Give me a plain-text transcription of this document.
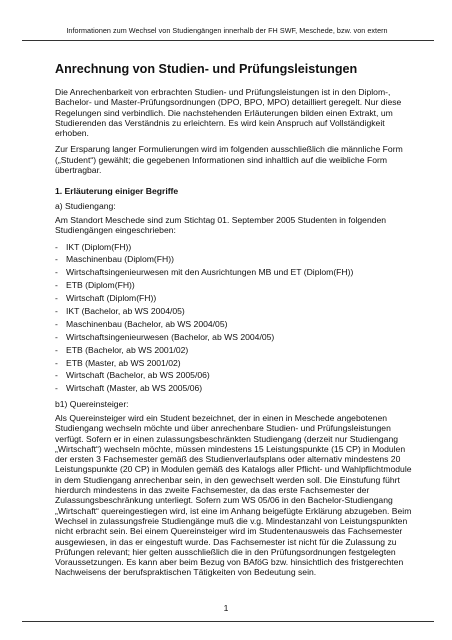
Informationen zum Wechsel von Studiengängen innerhalb der FH SWF, Meschede, bzw. von extern
Anrechnung von Studien- und Prüfungsleistungen

Die Anrechenbarkeit von erbrachten Studien- und Prüfungsleistungen ist in den Diplom-, Bachelor- und Master-Prüfungsordnungen (DPO, BPO, MPO) detailliert geregelt. Nur diese Regelungen sind verbindlich. Die nachstehenden Erläuterungen bilden einen Extrakt, um Studierenden das Verständnis zu erleichtern. Es wird kein Anspruch auf Vollständigkeit erhoben.

Zur Ersparung langer Formulierungen wird im folgenden ausschließlich die männliche Form („Student“) gewählt; die gegebenen Informationen sind inhaltlich auf die weibliche Form übertragbar.

1. Erläuterung einiger Begriffe
a) Studiengang:

Am Standort Meschede sind zum Stichtag 01. September 2005 Studenten in folgenden Studiengängen eingeschrieben:

- IKT (Diplom(FH))
- Maschinenbau (Diplom(FH))
- Wirtschaftsingenieurwesen mit den Ausrichtungen MB und ET (Diplom(FH))
- ETB (Diplom(FH))
- Wirtschaft (Diplom(FH))
- IKT (Bachelor, ab WS 2004/05)
- Maschinenbau (Bachelor, ab WS 2004/05)
- Wirtschaftsingenieurwesen (Bachelor, ab WS 2004/05)
- ETB (Bachelor, ab WS 2001/02)
- ETB (Master, ab WS 2001/02)
- Wirtschaft (Bachelor, ab WS 2005/06)
- Wirtschaft (Master, ab WS 2005/06)
b1) Quereinsteiger:

Als Quereinsteiger wird ein Student bezeichnet, der in einen in Meschede angebotenen Studiengang wechseln möchte und über anrechenbare Studien- und Prüfungsleistungen verfügt. Sofern er in einen zulassungsbeschränkten Studiengang (derzeit nur Studiengang „Wirtschaft“) wechseln möchte, müssen mindestens 15 Leistungspunkte (15 CP) in Modulen der ersten 3 Fachsemester gemäß des Studienverlaufsplans oder alternativ mindestens 20 Leistungspunkte (20 CP) in Modulen gemäß des Katalogs aller Pflicht- und Wahlpflichtmodule in dem Studiengang anrechenbar sein, in den gewechselt werden soll. Die Einstufung führt hierdurch mindestens in das zweite Fachsemester, da das erste Fachsemester der Zulassungsbeschränkung unterliegt. Sofern zum WS 05/06 in den Bachelor-Studiengang „Wirtschaft“ quereingestiegen wird, ist eine im Anhang beigefügte Erklärung abzugeben. Beim Wechsel in zulassungsfreie Studiengänge muß die v.g. Mindestanzahl von Leistungspunkten nicht erbracht sein. Bei einem Quereinsteiger wird im Studentenausweis das Fachsemester ausgewiesen, in das er eingestuft wurde. Das Fachsemester ist nicht für die Zulassung zu Prüfungen relevant; hier gelten ausschließlich die in den Prüfungsordnungen festgelegten Voraussetzungen. Es kann aber beim Bezug von BAföG bzw. hinsichtlich des fristgerechten Nachweisens der berufspraktischen Tätigkeiten von Bedeutung sein.

1
